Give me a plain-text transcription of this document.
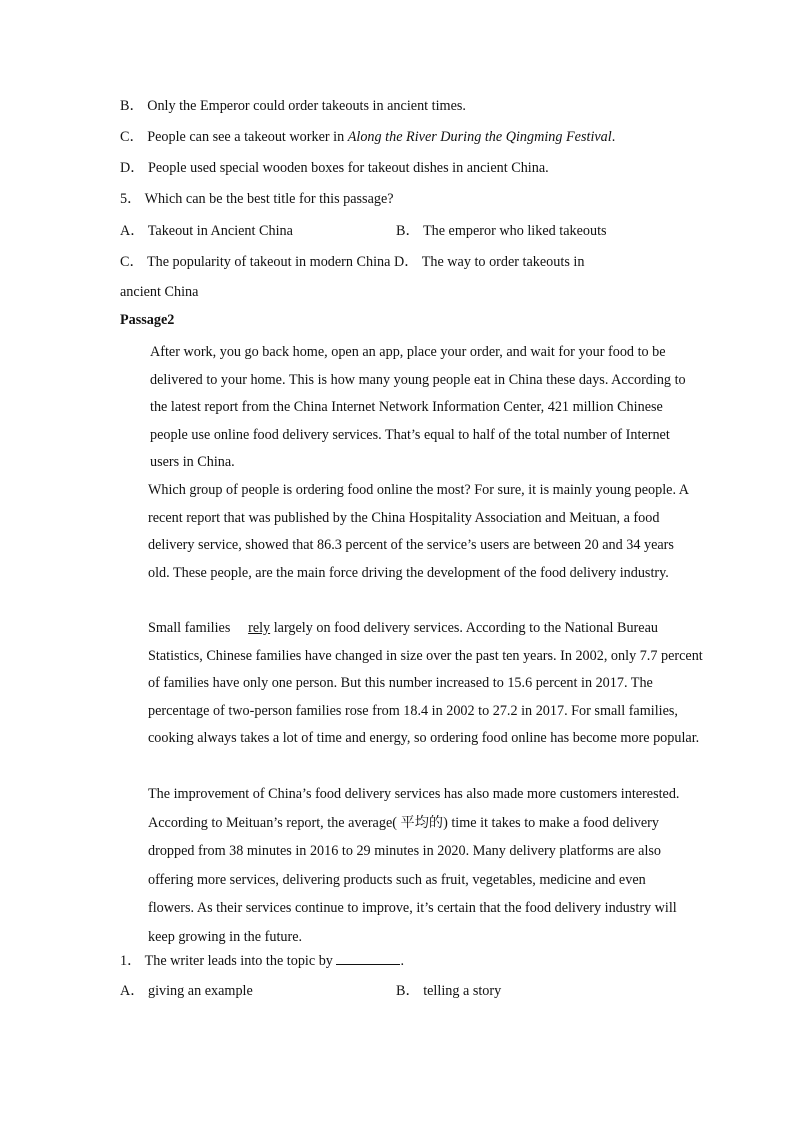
B． Only the Emperor could order takeouts in ancient times.
C． People can see a takeout worker in Along the River During the Qingming Festival.
D． People used special wooden boxes for takeout dishes in ancient China.
5． Which can be the best title for this passage?
A． Takeout in Ancient China	B． The emperor who liked takeouts
C． The popularity of takeout in modern China D． The way to order takeouts in
ancient China
Passage2
After work, you go back home, open an app, place your order, and wait for your food to be delivered to your home. This is how many young people eat in China these days. According to the latest report from the China Internet Network Information Center, 421 million Chinese people use online food delivery services. That’s equal to half of the total number of Internet users in China.
Which group of people is ordering food online the most? For sure, it is mainly young people. A recent report that was published by the China Hospitality Association and Meituan, a food delivery service, showed that 86.3 percent of the service’s users are between 20 and 34 years old. These people, are the main force driving the development of the food delivery industry.
Small families rely largely on food delivery services. According to the National Bureau Statistics, Chinese families have changed in size over the past ten years. In 2002, only 7.7 percent of families have only one person. But this number increased to 15.6 percent in 2017. The percentage of two-person families rose from 18.4 in 2002 to 27.2 in 2017. For small families, cooking always takes a lot of time and energy, so ordering food online has become more popular.
The improvement of China’s food delivery services has also made more customers interested. According to Meituan’s report, the average( 平均的) time it takes to make a food delivery dropped from 38 minutes in 2016 to 29 minutes in 2020. Many delivery platforms are also offering more services, delivering products such as fruit, vegetables, medicine and even flowers. As their services continue to improve, it’s certain that the food delivery industry will keep growing in the future.
1． The writer leads into the topic by	.
A． giving an example	B． telling a story
